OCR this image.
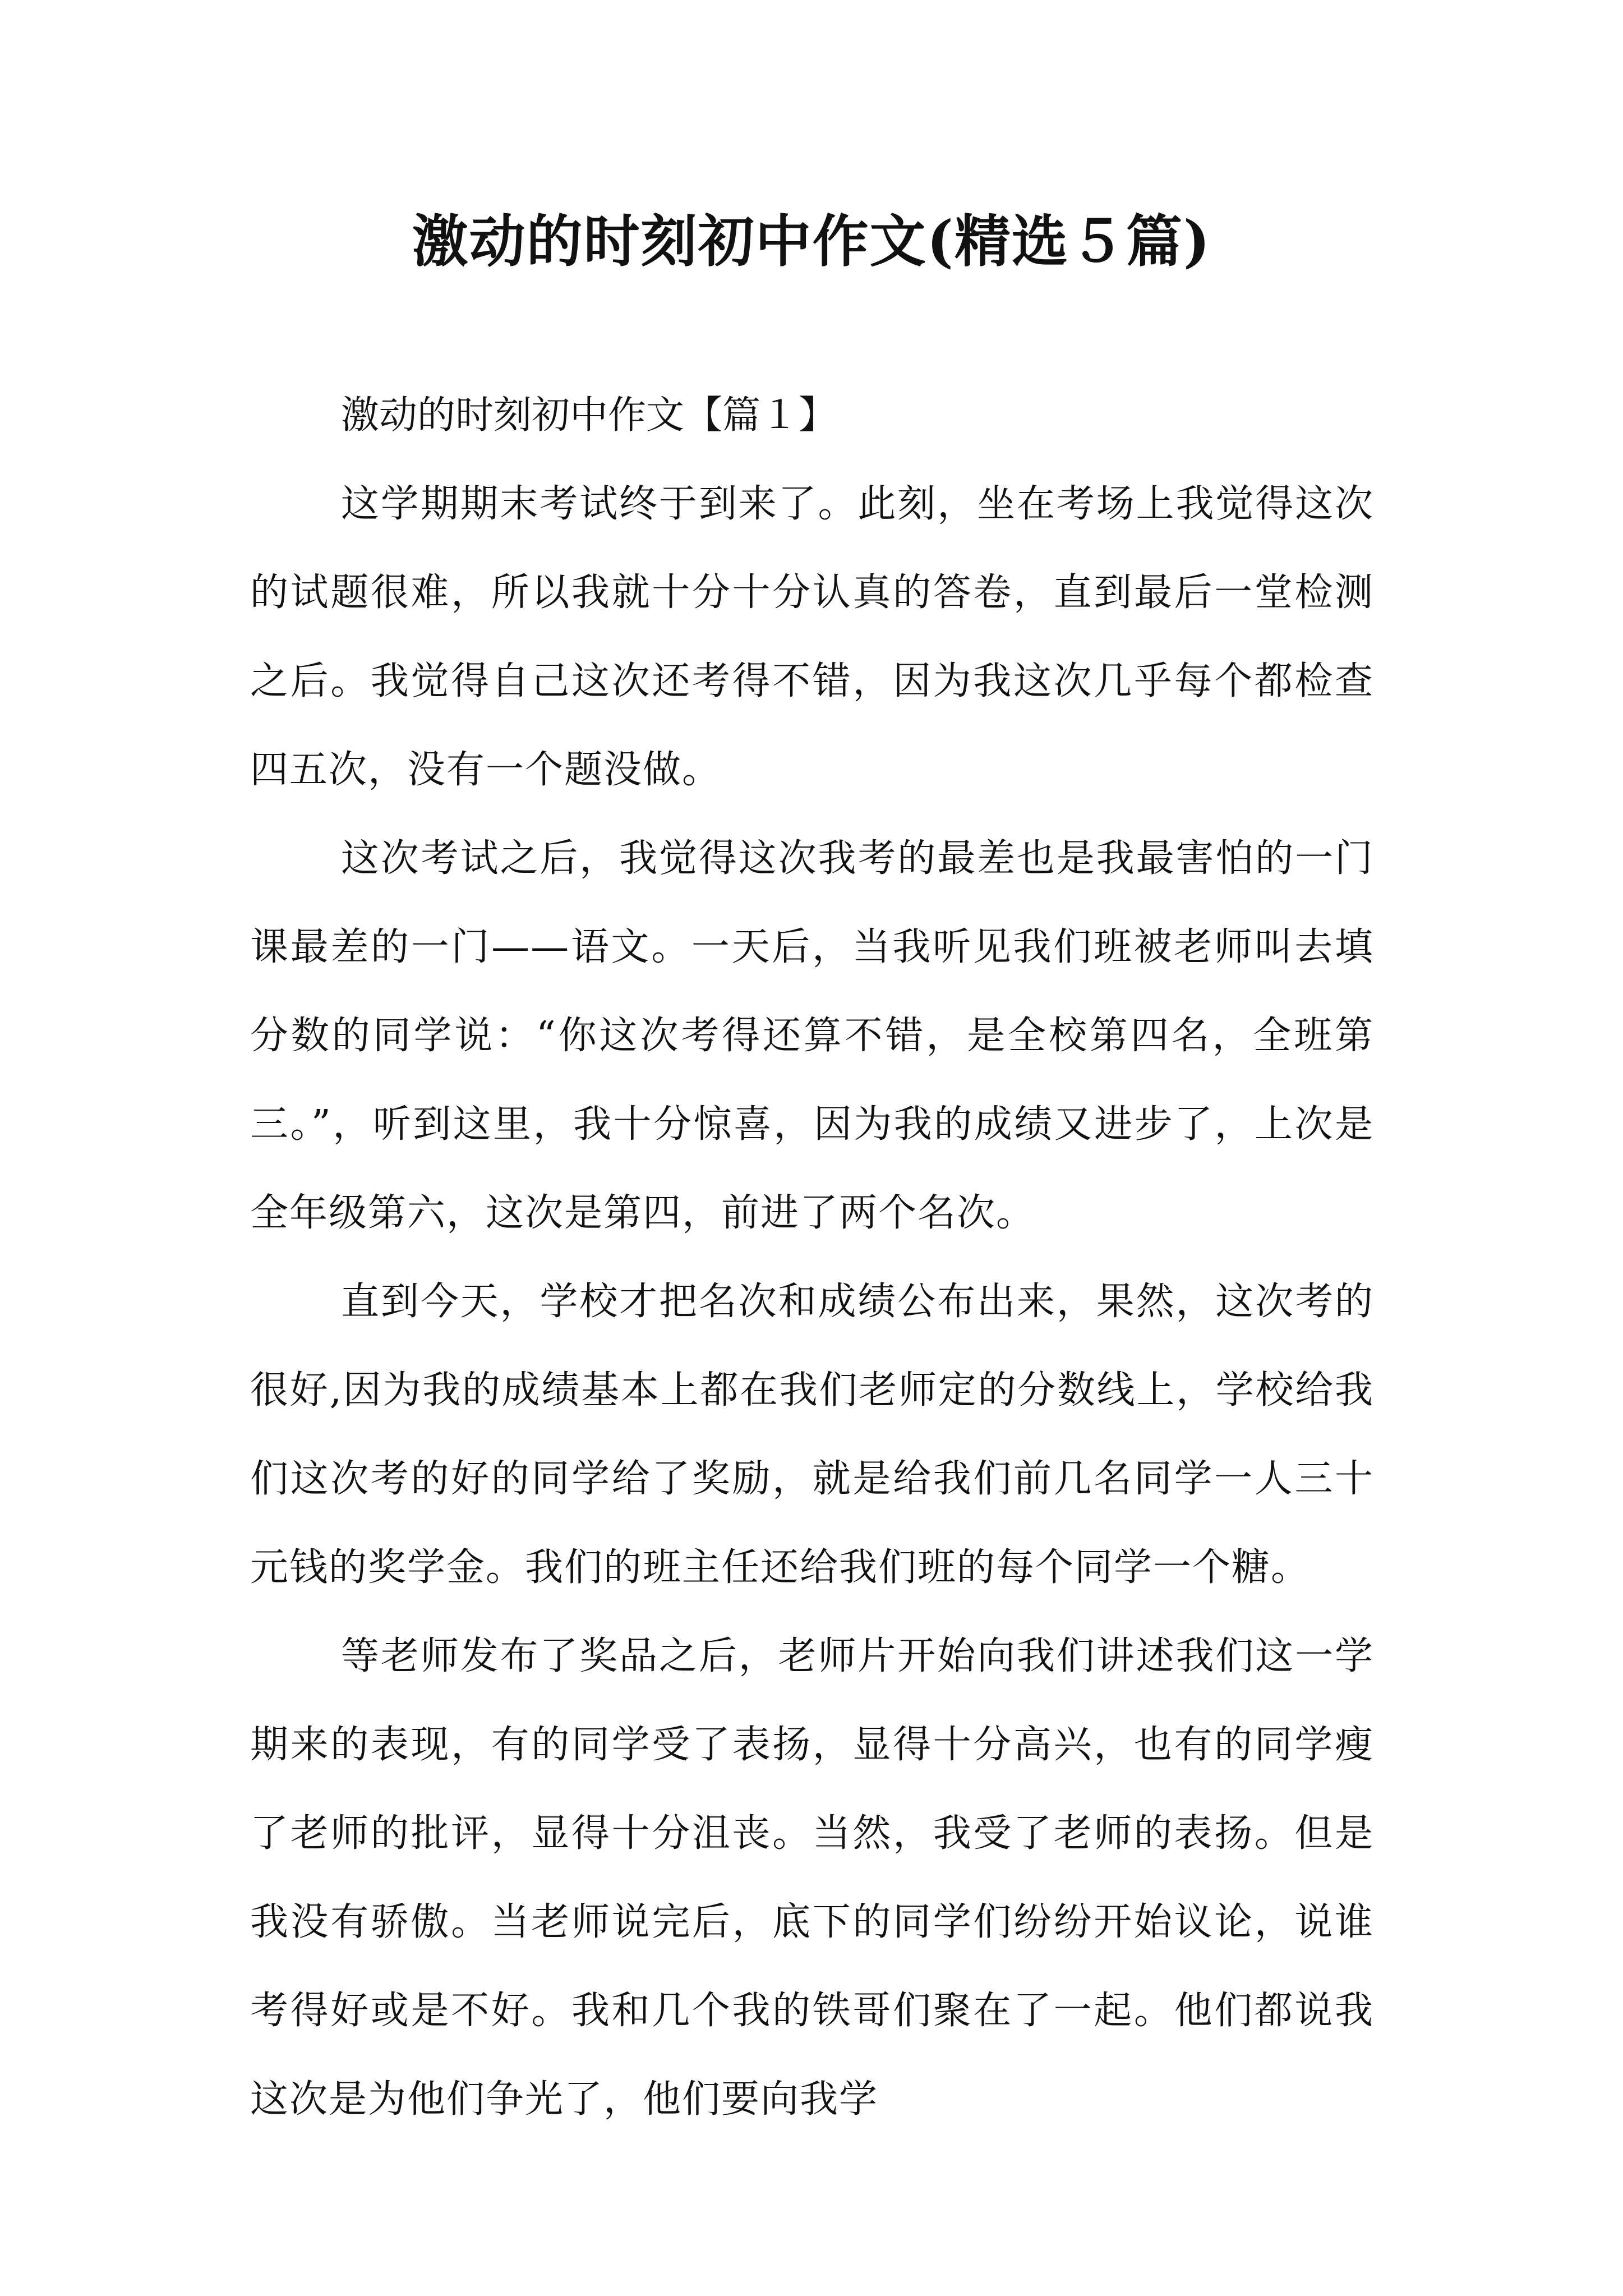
激动的时刻初中作文(精选５篇)

激动的时刻初中作文【篇１】

这学期期末考试终于到来了。此刻，坐在考场上我觉得这次的试题很难，所以我就十分十分认真的答卷，直到最后一堂检测之后。我觉得自己这次还考得不错，因为我这次几乎每个都检查四五次，没有一个题没做。

这次考试之后，我觉得这次我考的最差也是我最害怕的一门课最差的一门——语文。一天后，当我听见我们班被老师叫去填分数的同学说：“你这次考得还算不错，是全校第四名，全班第三。”，听到这里，我十分惊喜，因为我的成绩又进步了，上次是全年级第六，这次是第四，前进了两个名次。

直到今天，学校才把名次和成绩公布出来，果然，这次考的很好,因为我的成绩基本上都在我们老师定的分数线上，学校给我们这次考的好的同学给了奖励，就是给我们前几名同学一人三十元钱的奖学金。我们的班主任还给我们班的每个同学一个糖。

等老师发布了奖品之后，老师片开始向我们讲述我们这一学期来的表现，有的同学受了表扬，显得十分高兴，也有的同学瘦了老师的批评，显得十分沮丧。当然，我受了老师的表扬。但是我没有骄傲。当老师说完后，底下的同学们纷纷开始议论，说谁考得好或是不好。我和几个我的铁哥们聚在了一起。他们都说我这次是为他们争光了，他们要向我学
